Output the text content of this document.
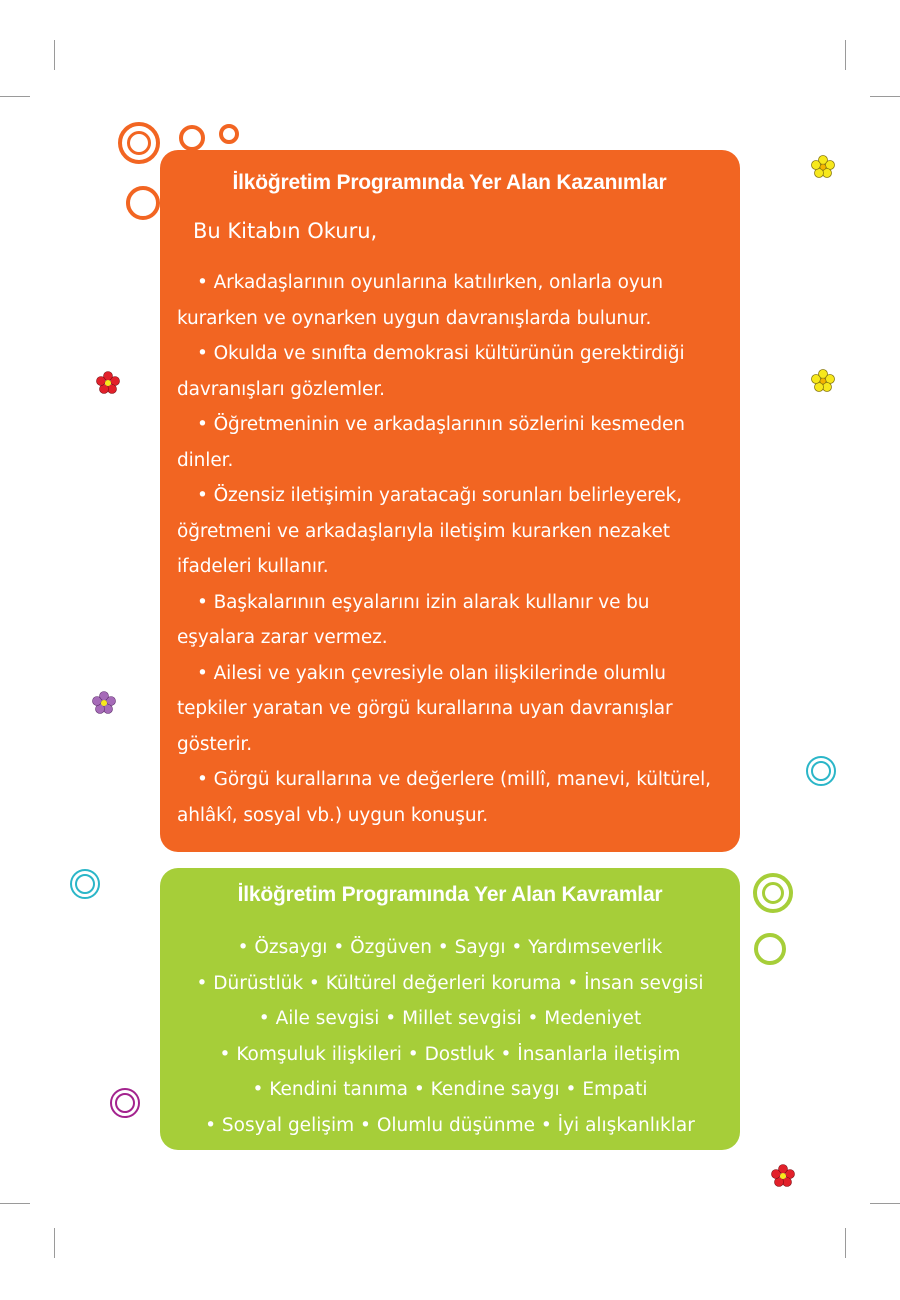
İlköğretim Programında Yer Alan Kazanımlar
Bu Kitabın Okuru,
• Arkadaşlarının oyunlarına katılırken, onlarla oyun kurarken ve oynarken uygun davranışlarda bulunur.
• Okulda ve sınıfta demokrasi kültürünün gerektirdiği davranışları gözlemler.
• Öğretmeninin ve arkadaşlarının sözlerini kesmeden dinler.
• Özensiz iletişimin yaratacağı sorunları belirleyerek, öğretmeni ve arkadaşlarıyla iletişim kurarken nezaket ifadeleri kullanır.
• Başkalarının eşyalarını izin alarak kullanır ve bu eşyalara zarar vermez.
• Ailesi ve yakın çevresiyle olan ilişkilerinde olumlu tepkiler yaratan ve görgü kurallarına uyan davranışlar gösterir.
• Görgü kurallarına ve değerlere (millî, manevi, kültürel, ahlâkî, sosyal vb.) uygun konuşur.
İlköğretim Programında Yer Alan Kavramlar
• Özsaygı • Özgüven • Saygı • Yardımseverlik
• Dürüstlük • Kültürel değerleri koruma • İnsan sevgisi
• Aile sevgisi • Millet sevgisi • Medeniyet
• Komşuluk ilişkileri • Dostluk • İnsanlarla iletişim
• Kendini tanıma • Kendine saygı • Empati
• Sosyal gelişim • Olumlu düşünme • İyi alışkanlıklar
